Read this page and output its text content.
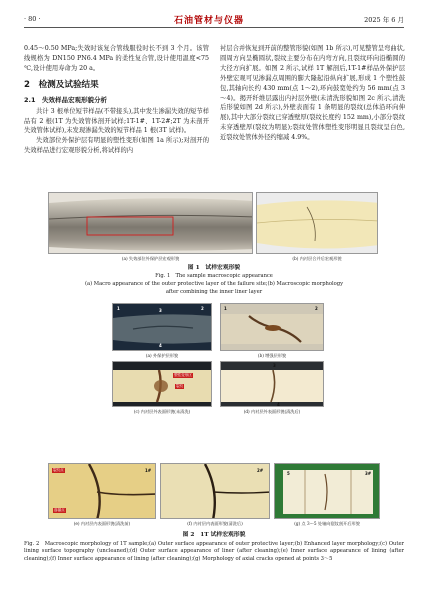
· 80 ·	石油管材与仪器	2025 年 6 月

0.45～0.50 MPa;失效时该复合管线服役时长不到 3 个月。该管线规格为 DN150 PN6.4 MPa 的柔性复合管,设计使用温度<75 ℃,设计使用寿命为 20 a。

2　检测及试验结果
2.1　失效样品宏观形貌分析

共计 3 根单位短节样品(不带接头),其中发生渗漏失效的短节样品有 2 根(1T 为失效管体剖开试样;1T-1#、1T-2#;2T 为未剖开失效管体试样),未发现渗漏失效的短节样品 1 根(3T 试样)。

失效部位外保护层有明显的塑性变形(如图 1a 所示);对剖开的失效样品进行宏观形貌分析,将试样的内

衬层合并恢复到开前的整管形貌(如图 1b 所示),可见整管呈弯曲状,圆周方向呈椭圆状,裂纹主要分布在内弯方向,且裂纹环向沿椭圆的大径方向扩展。如图 2 所示,试样 1T 解剖后,1T-1#样品外保护层外壁宏观可见渗漏点周围的膨大隆起沿纵向扩展,形成 1 个塑性鼓包,其轴向长约 430 mm(点 1～2),环向鼓宽处约为 56 mm(点 3～4)。揭开纤维层露出内衬层外壁(未清洗形貌如图 2c 所示,清洗后形貌如图 2d 所示),外壁表面有 1 条明显的裂纹(总体沿环向伸展),其中大部分裂纹已穿透壁厚(裂纹长度约 152 mm),小部分裂纹未穿透壁厚(裂纹为明显);裂纹处管体塑性变形明显且裂纹呈白色,近裂纹处管体外径约缩减 4.9%。

(a) 失效部位外保护层宏观形貌	(b) 内衬层合并后宏观形貌
图 1　试样宏观形貌
Fig. 1　The sample macroscopic appearance
(a) Macro appearance of the outer protective layer of the failure site;(b) Macroscopic morphology
after combining the inner liner layer
1	2
3
4
1	2
(a) 外保护层形貌	(b) 增强层形貌
塑性变形区
裂纹
3
4
(c) 内衬层外表面形貌(未清洗)	(d) 内衬层外表面形貌(清洗后)
裂纹点
渗漏点
1#	2#
3#
5
(e) 内衬层内表面形貌(清洗前)	(f) 内衬层内表面形貌(清洗后)	(g) 点 3～5 处轴向裂纹剖开后形貌
图 2　1T 试样宏观形貌
Fig. 2　Macroscopic morphology of 1T sample;(a) Outer surface appearance of outer protective layer;(b) Enhanced layer morphology;(c) Outer lining surface topography (uncleaned);(d) Outer surface appearance of liner (after cleaning);(e) Inner surface appearance of lining (after cleaning);(f) Inner surface appearance of lining (after cleaning);(g) Morphology of axial cracks opened at points 3～5
